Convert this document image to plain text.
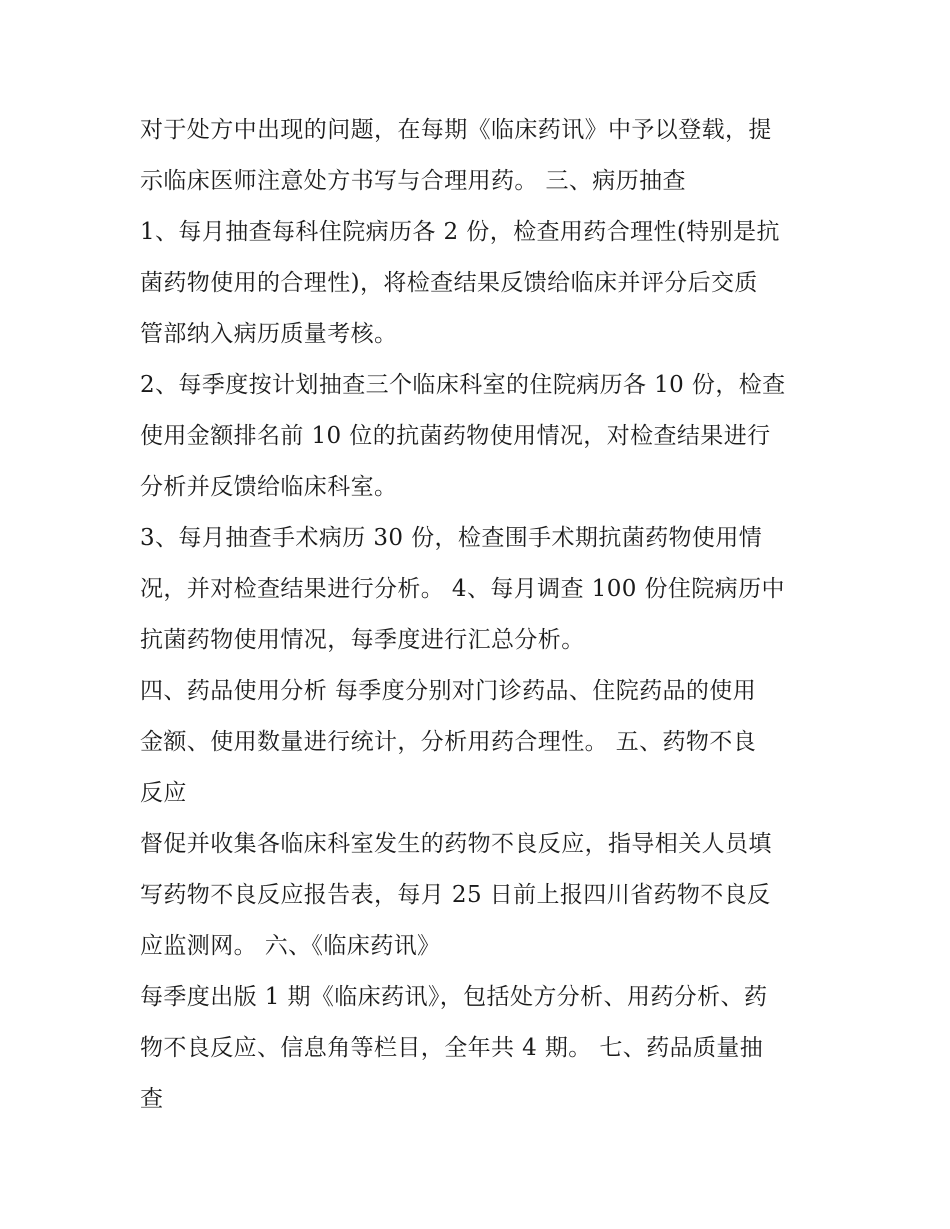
对于处方中出现的问题，在每期《临床药讯》中予以登载，提
示临床医师注意处方书写与合理用药。 三、病历抽查
1、每月抽查每科住院病历各 2 份，检查用药合理性(特别是抗
菌药物使用的合理性)，将检查结果反馈给临床并评分后交质
管部纳入病历质量考核。
2、每季度按计划抽查三个临床科室的住院病历各 10 份，检查
使用金额排名前 10 位的抗菌药物使用情况，对检查结果进行
分析并反馈给临床科室。
3、每月抽查手术病历 30 份，检查围手术期抗菌药物使用情
况，并对检查结果进行分析。 4、每月调查 100 份住院病历中
抗菌药物使用情况，每季度进行汇总分析。
四、药品使用分析 每季度分别对门诊药品、住院药品的使用
金额、使用数量进行统计，分析用药合理性。 五、药物不良
反应
督促并收集各临床科室发生的药物不良反应，指导相关人员填
写药物不良反应报告表，每月 25 日前上报四川省药物不良反
应监测网。 六、《临床药讯》
每季度出版 1 期《临床药讯》，包括处方分析、用药分析、药
物不良反应、信息角等栏目，全年共 4 期。 七、药品质量抽
查
